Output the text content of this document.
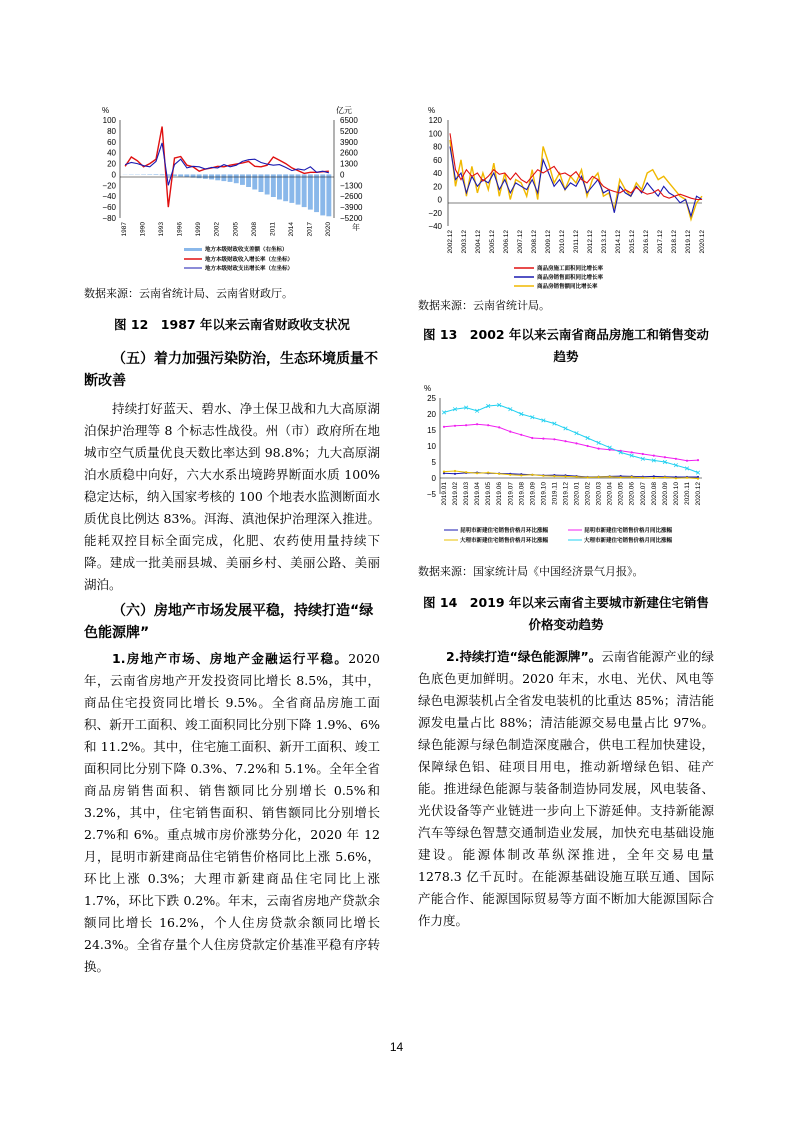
%	亿元
年
100
80
60
40
20
0
−20
−40
−60
−80
6500
5200
3900
2600
1300
0
−1300
−2600
−3900
−5200
1987 1990 1993 1996 1999 2002 2005 2008 2011 2014 2017 2020
地方本级财政收支差额（右坐标）
地方本级财政收入增长率（左坐标）
地方本级财政支出增长率（左坐标）

数据来源：云南省统计局、云南省财政厅。

图 12　1987 年以来云南省财政收支状况

（五）着力加强污染防治，生态环境质量不断改善

持续打好蓝天、碧水、净土保卫战和九大高原湖泊保护治理等 8 个标志性战役。州（市）政府所在地城市空气质量优良天数比率达到 98.8%；九大高原湖泊水质稳中向好，六大水系出境跨界断面水质 100%稳定达标，纳入国家考核的 100 个地表水监测断面水质优良比例达 83%。洱海、滇池保护治理深入推进。能耗双控目标全面完成，化肥、农药使用量持续下降。建成一批美丽县城、美丽乡村、美丽公路、美丽湖泊。

（六）房地产市场发展平稳，持续打造“绿色能源牌”

1.房地产市场、房地产金融运行平稳。2020 年，云南省房地产开发投资同比增长 8.5%，其中，商品住宅投资同比增长 9.5%。全省商品房施工面积、新开工面积、竣工面积同比分别下降 1.9%、6%和 11.2%。其中，住宅施工面积、新开工面积、竣工面积同比分别下降 0.3%、7.2%和 5.1%。全年全省商品房销售面积、销售额同比分别增长 0.5%和 3.2%，其中，住宅销售面积、销售额同比分别增长 2.7%和 6%。重点城市房价涨势分化，2020 年 12 月，昆明市新建商品住宅销售价格同比上涨 5.6%，环比上涨 0.3%；大理市新建商品住宅同比上涨 1.7%，环比下跌 0.2%。年末，云南省房地产贷款余额同比增长 16.2%，个人住房贷款余额同比增长 24.3%。全省存量个人住房贷款定价基准平稳有序转换。

%
120
100
80
60
40
20
0
−20
−40
2002.12 2003.12 2004.12 2005.12 2006.12 2007.12 2008.12 2009.12 2010.12 2011.12 2012.12 2013.12 2014.12 2015.12 2016.12 2017.12 2018.12 2019.12 2020.12
商品房施工面积同比增长率
商品房销售面积同比增长率
商品房销售额同比增长率

数据来源：云南省统计局。

图 13　2002 年以来云南省商品房施工和销售变动趋势

%
25
20
15
10
5
0
−5 2019.01 2019.02 2019.03 2019.04 2019.05 2019.06 2019.07 2019.08 2019.09 2019.10 2019.11 2019.12 2020.01 2020.02 2020.03 2020.04 2020.05 2020.06 2020.07 2020.08 2020.09 2020.10 2020.11 2020.12
昆明市新建住宅销售价格月环比涨幅	昆明市新建住宅销售价格月同比涨幅
大理市新建住宅销售价格月环比涨幅	大理市新建住宅销售价格月同比涨幅

数据来源：国家统计局《中国经济景气月报》。

图 14　2019 年以来云南省主要城市新建住宅销售价格变动趋势

2.持续打造“绿色能源牌”。云南省能源产业的绿色底色更加鲜明。2020 年末，水电、光伏、风电等绿色电源装机占全省发电装机的比重达 85%；清洁能源发电量占比 88%；清洁能源交易电量占比 97%。绿色能源与绿色制造深度融合，供电工程加快建设，保障绿色铝、硅项目用电，推动新增绿色铝、硅产能。推进绿色能源与装备制造协同发展，风电装备、光伏设备等产业链进一步向上下游延伸。支持新能源汽车等绿色智慧交通制造业发展，加快充电基础设施建设。能源体制改革纵深推进，全年交易电量 1278.3 亿千瓦时。在能源基础设施互联互通、国际产能合作、能源国际贸易等方面不断加大能源国际合作力度。

14
